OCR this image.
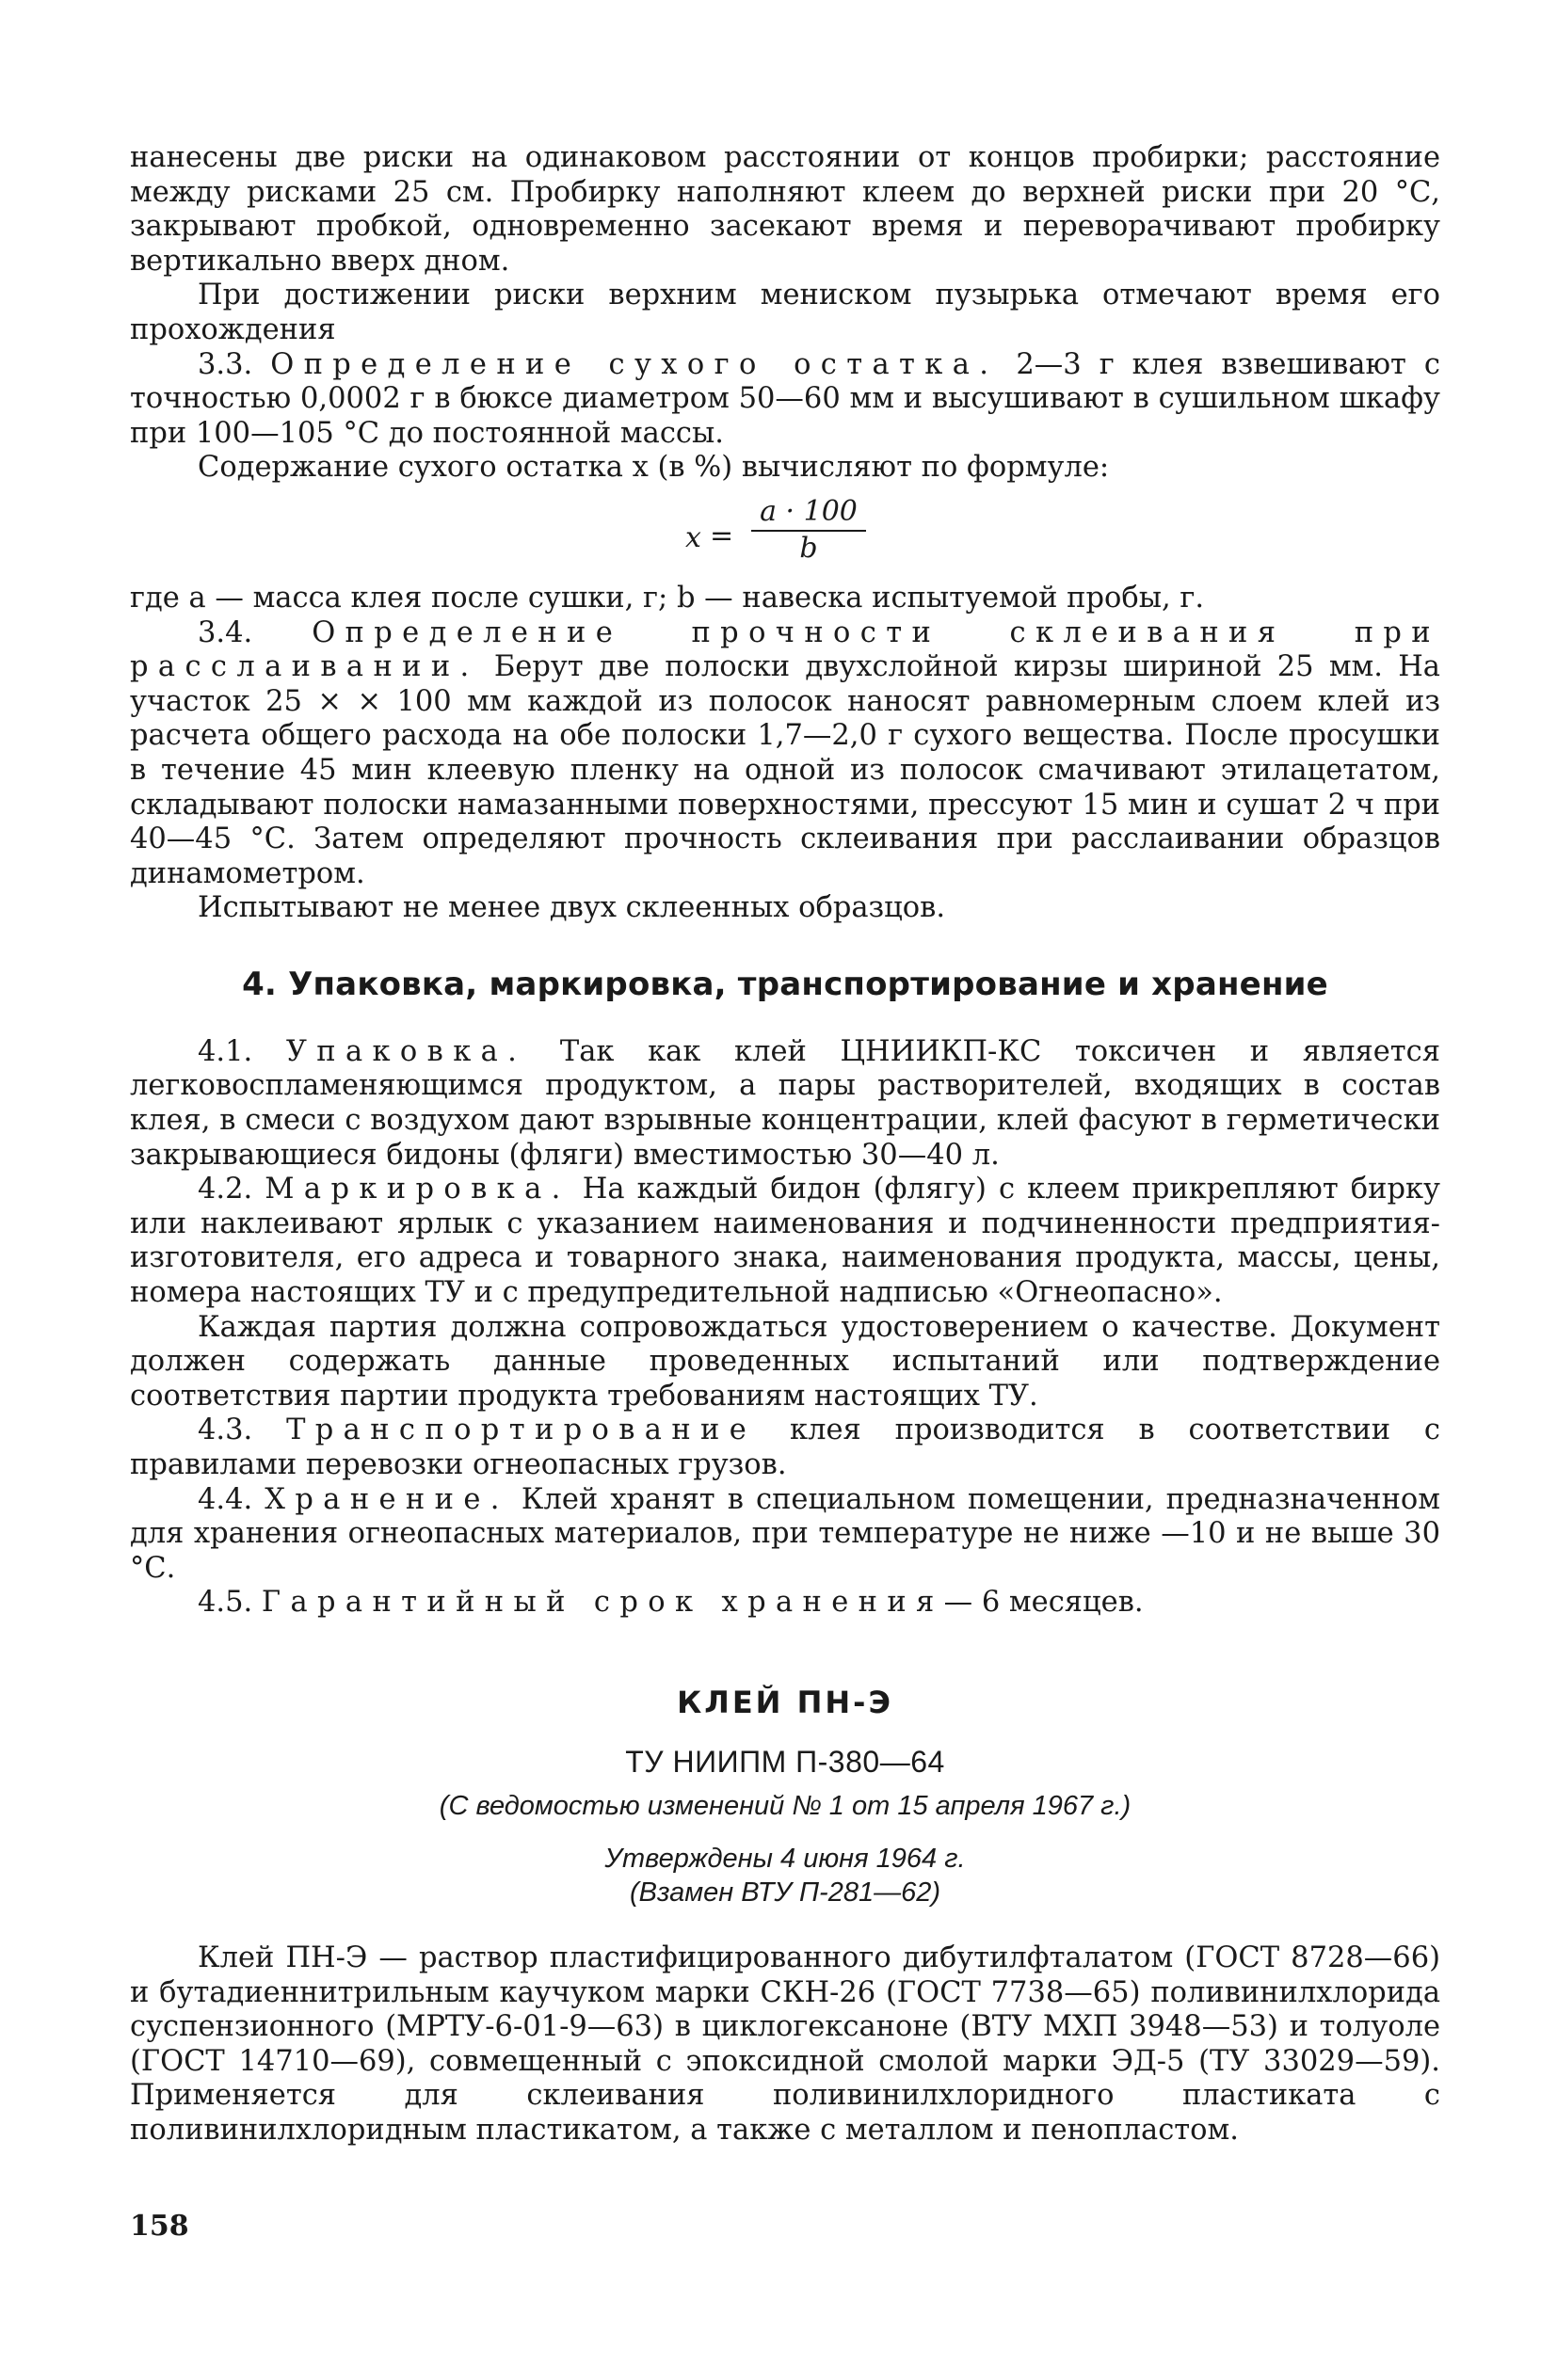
нанесены две риски на одинаковом расстоянии от концов пробирки; расстояние между рисками 25 см. Пробирку наполняют клеем до верхней риски при 20 °С, закрывают пробкой, одновременно засекают время и переворачивают пробирку вертикально вверх дном.

При достижении риски верхним мениском пузырька отмечают время его прохождения

3.3. Определение сухого остатка. 2—3 г клея взвешивают с точностью 0,0002 г в бюксе диаметром 50—60 мм и высушивают в сушильном шкафу при 100—105 °С до постоянной массы.

Содержание сухого остатка x (в %) вычисляют по формуле:

$x = \frac{a \cdot 100}{b}$

где a — масса клея после сушки, г; b — навеска испытуемой пробы, г.

3.4. Определение прочности склеивания при расслаивании. Берут две полоски двухслойной кирзы шириной 25 мм. На участок 25 × × 100 мм каждой из полосок наносят равномерным слоем клей из расчета общего расхода на обе полоски 1,7—2,0 г сухого вещества. После просушки в течение 45 мин клеевую пленку на одной из полосок смачивают этилацетатом, складывают полоски намазанными поверхностями, прессуют 15 мин и сушат 2 ч при 40—45 °С. Затем определяют прочность склеивания при расслаивании образцов динамометром.

Испытывают не менее двух склеенных образцов.

4. Упаковка, маркировка, транспортирование и хранение

4.1. Упаковка. Так как клей ЦНИИКП-КС токсичен и является легковоспламеняющимся продуктом, а пары растворителей, входящих в состав клея, в смеси с воздухом дают взрывные концентрации, клей фасуют в герметически закрывающиеся бидоны (фляги) вместимостью 30—40 л.

4.2. Маркировка. На каждый бидон (флягу) с клеем прикрепляют бирку или наклеивают ярлык с указанием наименования и подчиненности предприятия-изготовителя, его адреса и товарного знака, наименования продукта, массы, цены, номера настоящих ТУ и с предупредительной надписью «Огнеопасно».

Каждая партия должна сопровождаться удостоверением о качестве. Документ должен содержать данные проведенных испытаний или подтверждение соответствия партии продукта требованиям настоящих ТУ.

4.3. Транспортирование клея производится в соответствии с правилами перевозки огнеопасных грузов.

4.4. Хранение. Клей хранят в специальном помещении, предназначенном для хранения огнеопасных материалов, при температуре не ниже —10 и не выше 30 °С.

4.5. Гарантийный срок хранения— 6 месяцев.

КЛЕЙ ПН-Э
ТУ НИИПМ П-380—64

(С ведомостью изменений № 1 от 15 апреля 1967 г.)

Утверждены 4 июня 1964 г.

(Взамен ВТУ П-281—62)

Клей ПН-Э — раствор пластифицированного дибутилфталатом (ГОСТ 8728—66) и бутадиеннитрильным каучуком марки СКН-26 (ГОСТ 7738—65) поливинилхлорида суспензионного (МРТУ-6-01-9—63) в циклогексаноне (ВТУ МХП 3948—53) и толуоле (ГОСТ 14710—69), совмещенный с эпоксидной смолой марки ЭД-5 (ТУ 33029—59). Применяется для склеивания поливинилхлоридного пластиката с поливинилхлоридным пластикатом, а также с металлом и пенопластом.

158
